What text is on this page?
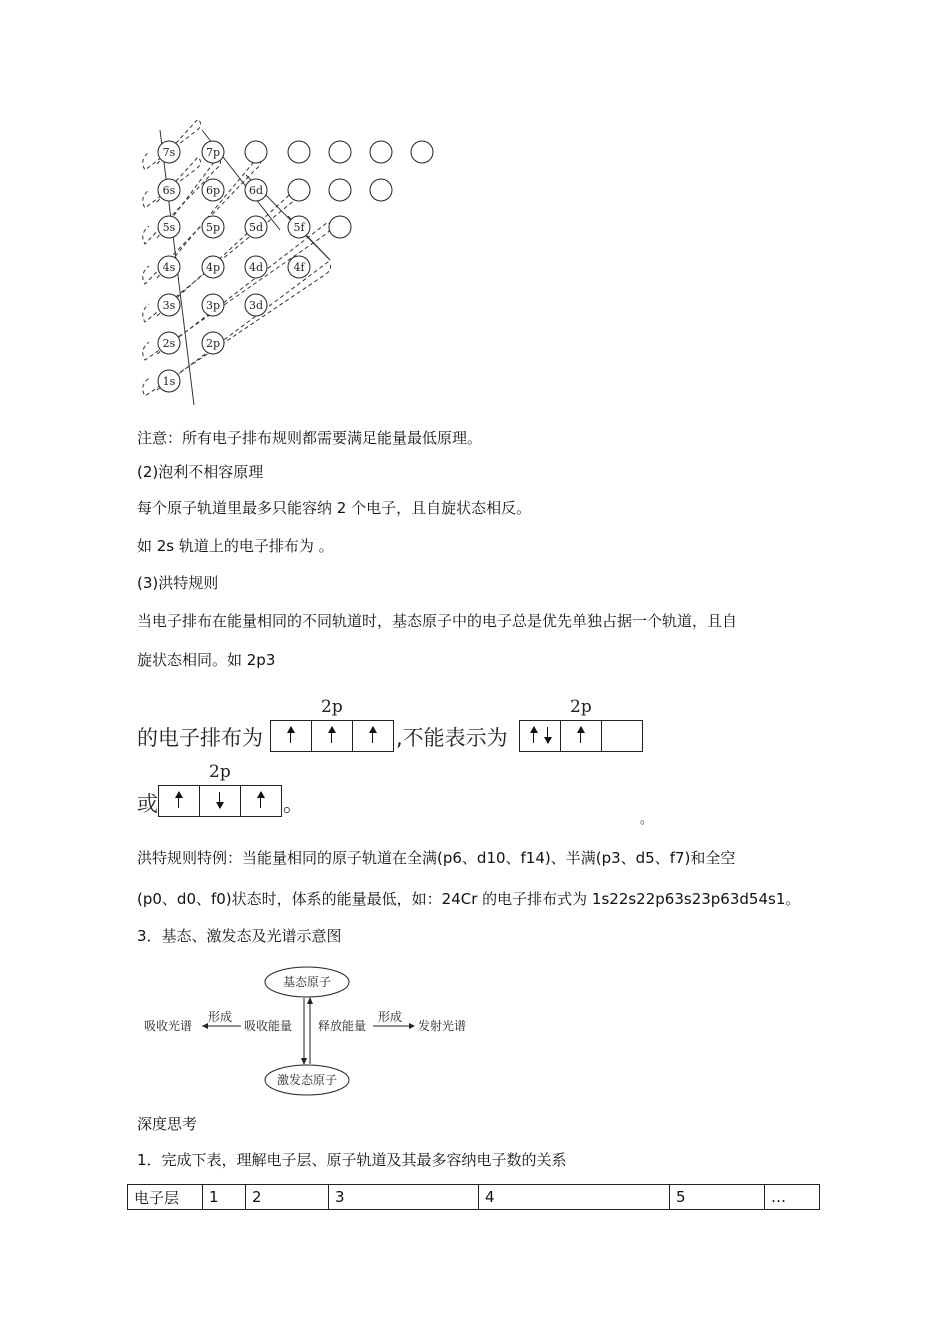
7s	7p
6s	6p	6d
5s	5p	5d	5f
4s	4p	4d	4f
3s	3p	3d
2s	2p
1s
注意：所有电子排布规则都需要满足能量最低原理。
(2)泡利不相容原理
每个原子轨道里最多只能容纳 2 个电子，且自旋状态相反。
如 2s 轨道上的电子排布为 。
(3)洪特规则
当电子排布在能量相同的不同轨道时，基态原子中的电子总是优先单独占据一个轨道，且自
旋状态相同。如 2p3
的电子排布为
2p
,不能表示为
2p
或
2p
。
。
洪特规则特例：当能量相同的原子轨道在全满(p6、d10、f14)、半满(p3、d5、f7)和全空
(p0、d0、f0)状态时，体系的能量最低，如：24Cr 的电子排布式为 1s22s22p63s23p63d54s1。
3．基态、激发态及光谱示意图
基态原子
激发态原子
吸收光谱	吸收能量
形成
释放能量
形成
发射光谱
深度思考
1．完成下表，理解电子层、原子轨道及其最多容纳电子数的关系
电子层	1	2	3	4	5	…
